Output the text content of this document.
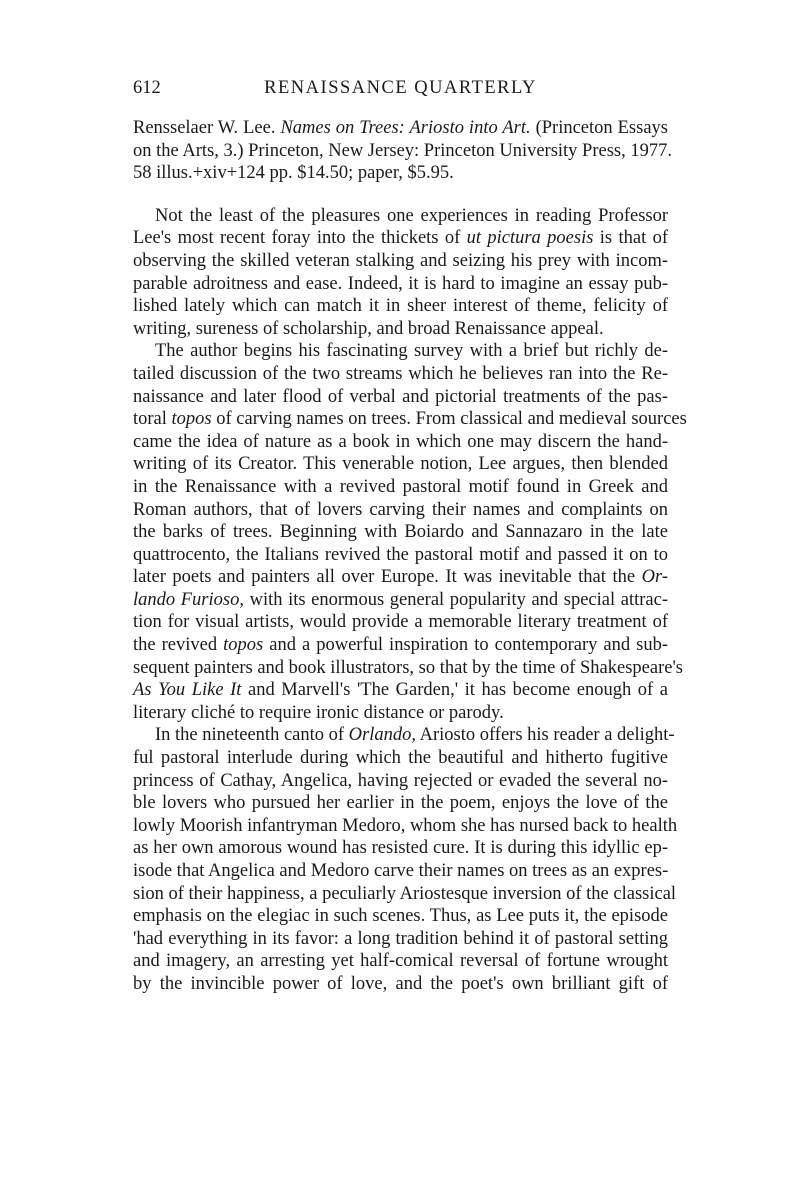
612	RENAISSANCE QUARTERLY
Rensselaer W. Lee. Names on Trees: Ariosto into Art. (Princeton Essays
on the Arts, 3.) Princeton, New Jersey: Princeton University Press, 1977.
58 illus.+xiv+124 pp. $14.50; paper, $5.95.
Not the least of the pleasures one experiences in reading Professor
Lee's most recent foray into the thickets of ut pictura poesis is that of
observing the skilled veteran stalking and seizing his prey with incom-
parable adroitness and ease. Indeed, it is hard to imagine an essay pub-
lished lately which can match it in sheer interest of theme, felicity of
writing, sureness of scholarship, and broad Renaissance appeal.
The author begins his fascinating survey with a brief but richly de-
tailed discussion of the two streams which he believes ran into the Re-
naissance and later flood of verbal and pictorial treatments of the pas-
toral topos of carving names on trees. From classical and medieval sources
came the idea of nature as a book in which one may discern the hand-
writing of its Creator. This venerable notion, Lee argues, then blended
in the Renaissance with a revived pastoral motif found in Greek and
Roman authors, that of lovers carving their names and complaints on
the barks of trees. Beginning with Boiardo and Sannazaro in the late
quattrocento, the Italians revived the pastoral motif and passed it on to
later poets and painters all over Europe. It was inevitable that the Or-
lando Furioso, with its enormous general popularity and special attrac-
tion for visual artists, would provide a memorable literary treatment of
the revived topos and a powerful inspiration to contemporary and sub-
sequent painters and book illustrators, so that by the time of Shakespeare's
As You Like It and Marvell's 'The Garden,' it has become enough of a
literary cliché to require ironic distance or parody.
In the nineteenth canto of Orlando, Ariosto offers his reader a delight-
ful pastoral interlude during which the beautiful and hitherto fugitive
princess of Cathay, Angelica, having rejected or evaded the several no-
ble lovers who pursued her earlier in the poem, enjoys the love of the
lowly Moorish infantryman Medoro, whom she has nursed back to health
as her own amorous wound has resisted cure. It is during this idyllic ep-
isode that Angelica and Medoro carve their names on trees as an expres-
sion of their happiness, a peculiarly Ariostesque inversion of the classical
emphasis on the elegiac in such scenes. Thus, as Lee puts it, the episode
'had everything in its favor: a long tradition behind it of pastoral setting
and imagery, an arresting yet half-comical reversal of fortune wrought
by the invincible power of love, and the poet's own brilliant gift of
